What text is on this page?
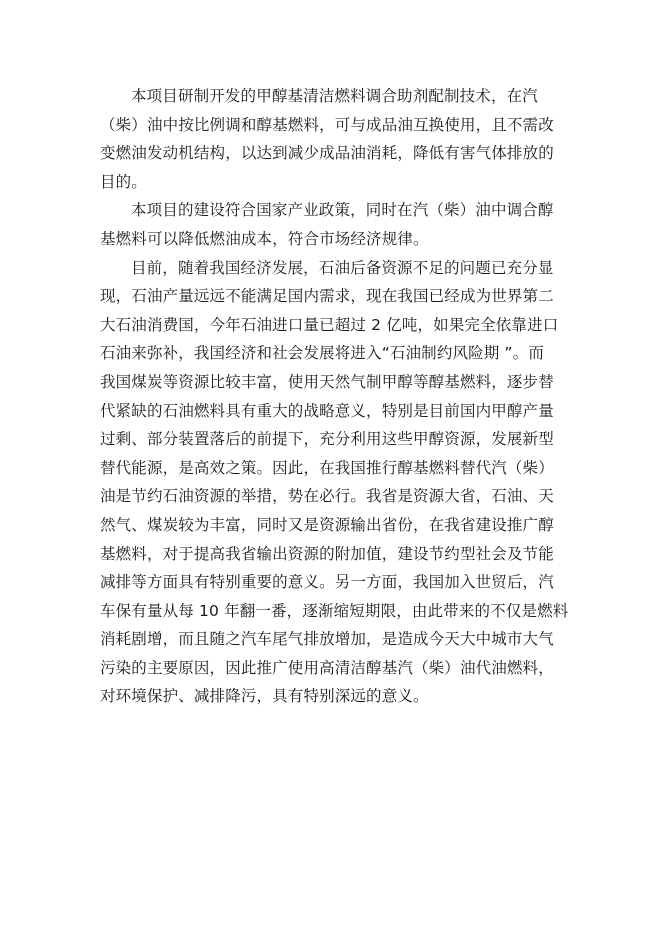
本项目研制开发的甲醇基清洁燃料调合助剂配制技术，在汽
（柴）油中按比例调和醇基燃料，可与成品油互换使用，且不需改
变燃油发动机结构，以达到减少成品油消耗，降低有害气体排放的
目的。

本项目的建设符合国家产业政策，同时在汽（柴）油中调合醇
基燃料可以降低燃油成本，符合市场经济规律。

目前，随着我国经济发展，石油后备资源不足的问题已充分显
现，石油产量远远不能满足国内需求，现在我国已经成为世界第二
大石油消费国，今年石油进口量已超过 2 亿吨，如果完全依靠进口
石油来弥补，我国经济和社会发展将进入“石油制约风险期 ”。而
我国煤炭等资源比较丰富，使用天然气制甲醇等醇基燃料，逐步替
代紧缺的石油燃料具有重大的战略意义，特别是目前国内甲醇产量
过剩、部分装置落后的前提下，充分利用这些甲醇资源，发展新型
替代能源，是高效之策。因此，在我国推行醇基燃料替代汽（柴）
油是节约石油资源的举措，势在必行。我省是资源大省，石油、天
然气、煤炭较为丰富，同时又是资源输出省份，在我省建设推广醇
基燃料，对于提高我省输出资源的附加值，建设节约型社会及节能
减排等方面具有特别重要的意义。另一方面，我国加入世贸后，汽
车保有量从每 10 年翻一番，逐渐缩短期限，由此带来的不仅是燃料
消耗剧增，而且随之汽车尾气排放增加，是造成今天大中城市大气
污染的主要原因，因此推广使用高清洁醇基汽（柴）油代油燃料，
对环境保护、减排降污，具有特别深远的意义。
